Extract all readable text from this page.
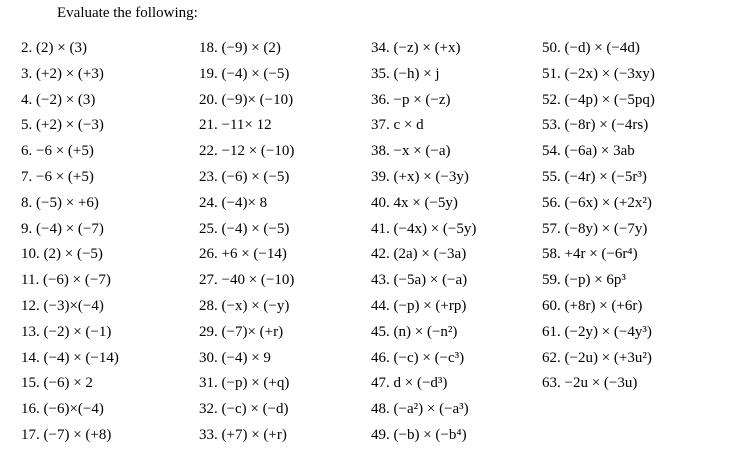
Evaluate the following:
2. (2) × (3)
3. (+2) × (+3)
4. (−2) × (3)
5. (+2) × (−3)
6. −6 × (+5)
7. −6 × (+5)
8. (−5) × +6)
9. (−4) × (−7)
10. (2) × (−5)
11. (−6) × (−7)
12. (−3)×(−4)
13. (−2) × (−1)
14. (−4) × (−14)
15. (−6) × 2
16. (−6)×(−4)
17. (−7) × (+8)
18. (−9) × (2)
19. (−4) × (−5)
20. (−9)× (−10)
21. −11× 12
22. −12 × (−10)
23. (−6) × (−5)
24. (−4)× 8
25. (−4) × (−5)
26. +6 × (−14)
27. −40 × (−10)
28. (−x) × (−y)
29. (−7)× (+r)
30. (−4) × 9
31. (−p) × (+q)
32. (−c) × (−d)
33. (+7) × (+r)
34. (−z) × (+x)
35. (−h) × j
36. −p × (−z)
37. c × d
38. −x × (−a)
39. (+x) × (−3y)
40. 4x × (−5y)
41. (−4x) × (−5y)
42. (2a) × (−3a)
43. (−5a) × (−a)
44. (−p) × (+rp)
45. (n) × (−n²)
46. (−c) × (−c³)
47. d × (−d³)
48. (−a²) × (−a³)
49. (−b) × (−b⁴)
50. (−d) × (−4d)
51. (−2x) × (−3xy)
52. (−4p) × (−5pq)
53. (−8r) × (−4rs)
54. (−6a) × 3ab
55. (−4r) × (−5r³)
56. (−6x) × (+2x²)
57. (−8y) × (−7y)
58. +4r × (−6r⁴)
59. (−p) × 6p³
60. (+8r) × (+6r)
61. (−2y) × (−4y³)
62. (−2u) × (+3u²)
63. −2u × (−3u)
